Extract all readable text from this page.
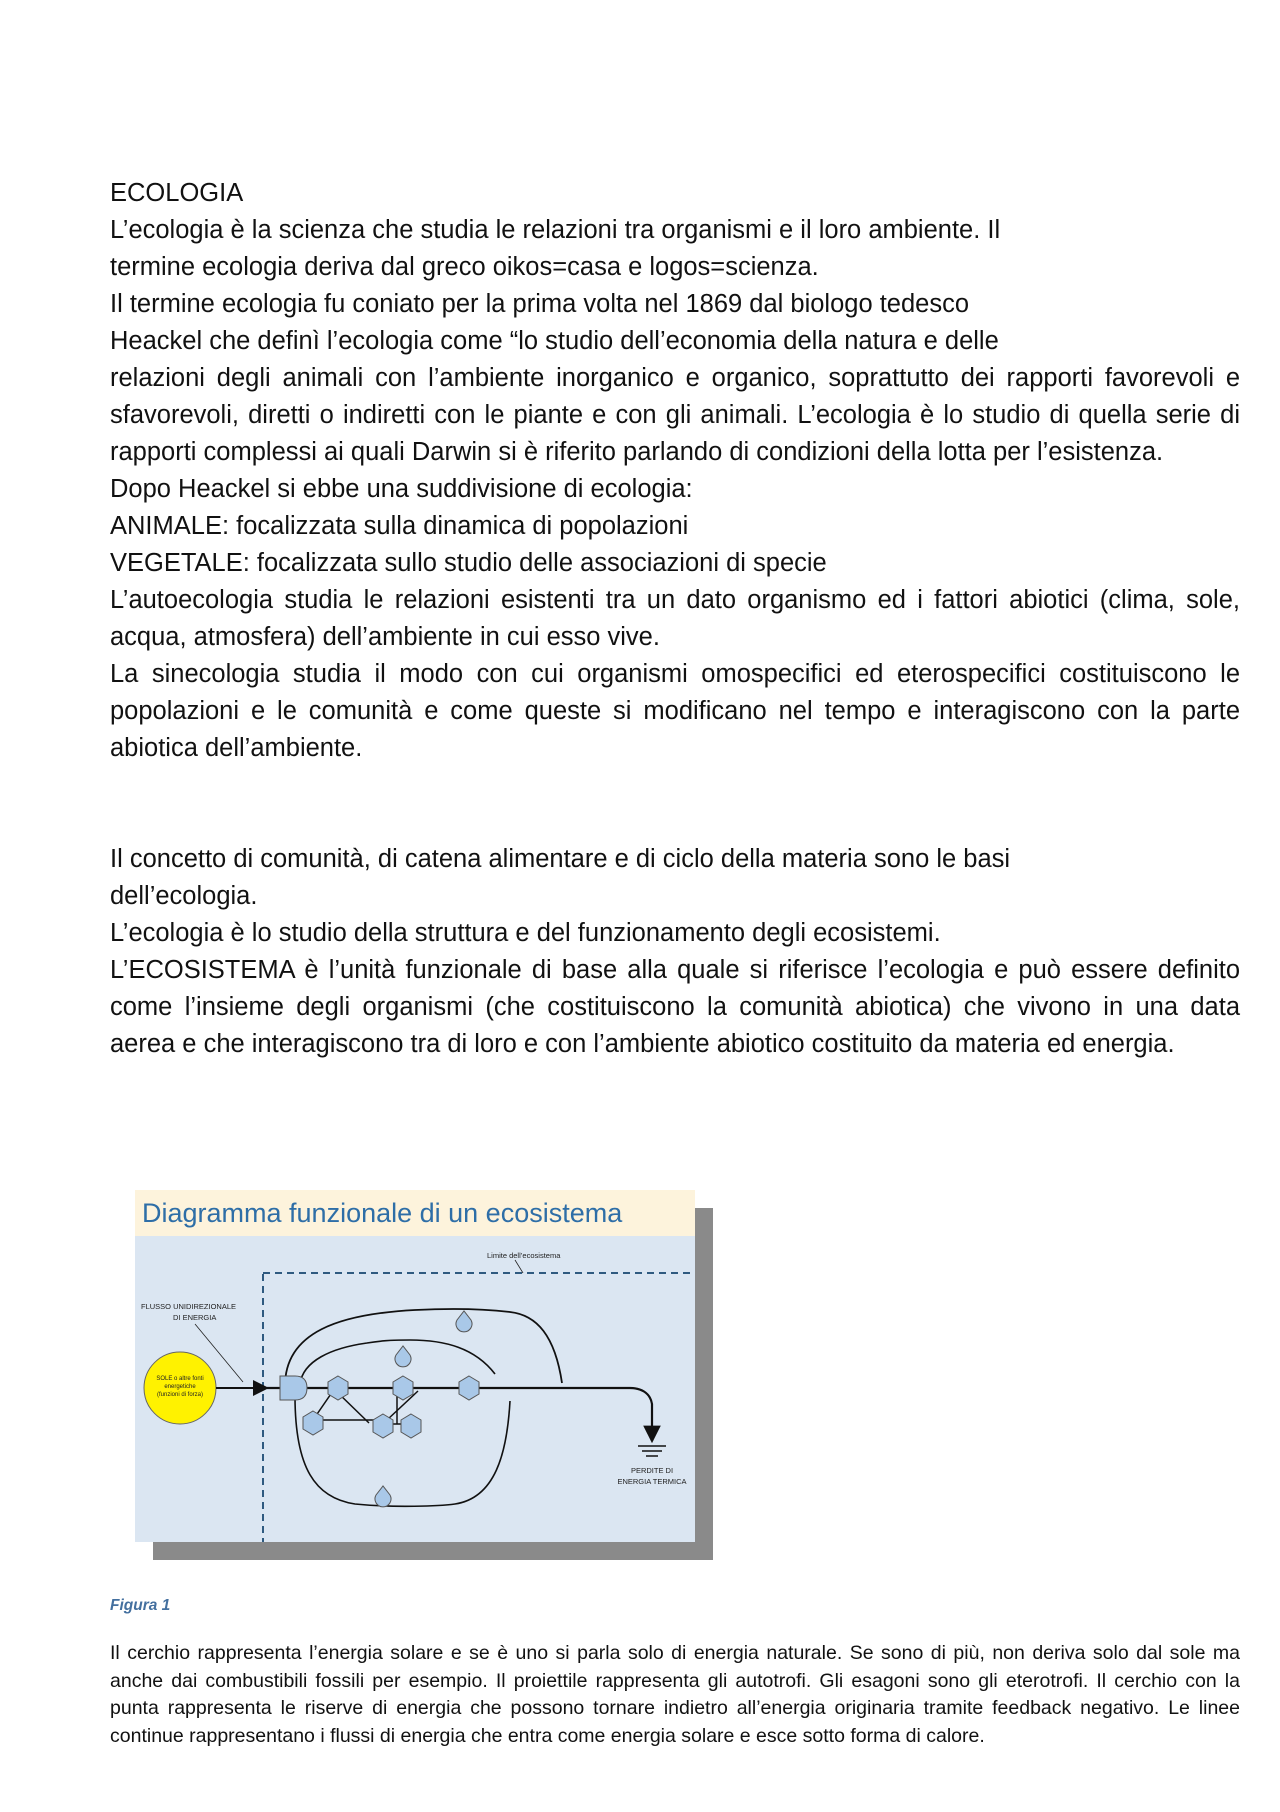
ECOLOGIA

L’ecologia è la scienza che studia le relazioni tra organismi e il loro ambiente. Il

termine ecologia deriva dal greco oikos=casa e logos=scienza.

Il termine ecologia fu coniato per la prima volta nel 1869 dal biologo tedesco

Heackel che definì l’ecologia come “lo studio dell’economia della natura e delle

relazioni degli animali con l’ambiente inorganico e organico, soprattutto dei rapporti favorevoli e sfavorevoli, diretti o indiretti con le piante e con gli animali. L’ecologia è lo studio di quella serie di rapporti complessi ai quali Darwin si è riferito parlando di condizioni della lotta per l’esistenza.

Dopo Heackel si ebbe una suddivisione di ecologia:

ANIMALE: focalizzata sulla dinamica di popolazioni

VEGETALE: focalizzata sullo studio delle associazioni di specie

L’autoecologia studia le relazioni esistenti tra un dato organismo ed i fattori abiotici (clima, sole, acqua, atmosfera) dell’ambiente in cui esso vive.

La sinecologia studia il modo con cui organismi omospecifici ed eterospecifici costituiscono le popolazioni e le comunità e come queste si modificano nel tempo e interagiscono con la parte abiotica dell’ambiente.

Il concetto di comunità, di catena alimentare e di ciclo della materia sono le basi

dell’ecologia.

L’ecologia è lo studio della struttura e del funzionamento degli ecosistemi.

L’ECOSISTEMA è l’unità funzionale di base alla quale si riferisce l’ecologia e può essere definito come l’insieme degli organismi (che costituiscono la comunità abiotica) che vivono in una data aerea e che interagiscono tra di loro e con l’ambiente abiotico costituito da materia ed energia.

Diagramma funzionale di un ecosistema
Limite dell’ecosistema
FLUSSO UNIDIREZIONALE
DI ENERGIA
SOLE o altre fonti
energetiche
(funzioni di forza)
PERDITE DI
ENERGIA TERMICA
Figura 1

Il cerchio rappresenta l’energia solare e se è uno si parla solo di energia naturale. Se sono di più, non deriva solo dal sole ma anche dai combustibili fossili per esempio. Il proiettile rappresenta gli autotrofi. Gli esagoni sono gli eterotrofi. Il cerchio con la punta rappresenta le riserve di energia che possono tornare indietro all’energia originaria tramite feedback negativo. Le linee continue rappresentano i flussi di energia che entra come energia solare e esce sotto forma di calore.
